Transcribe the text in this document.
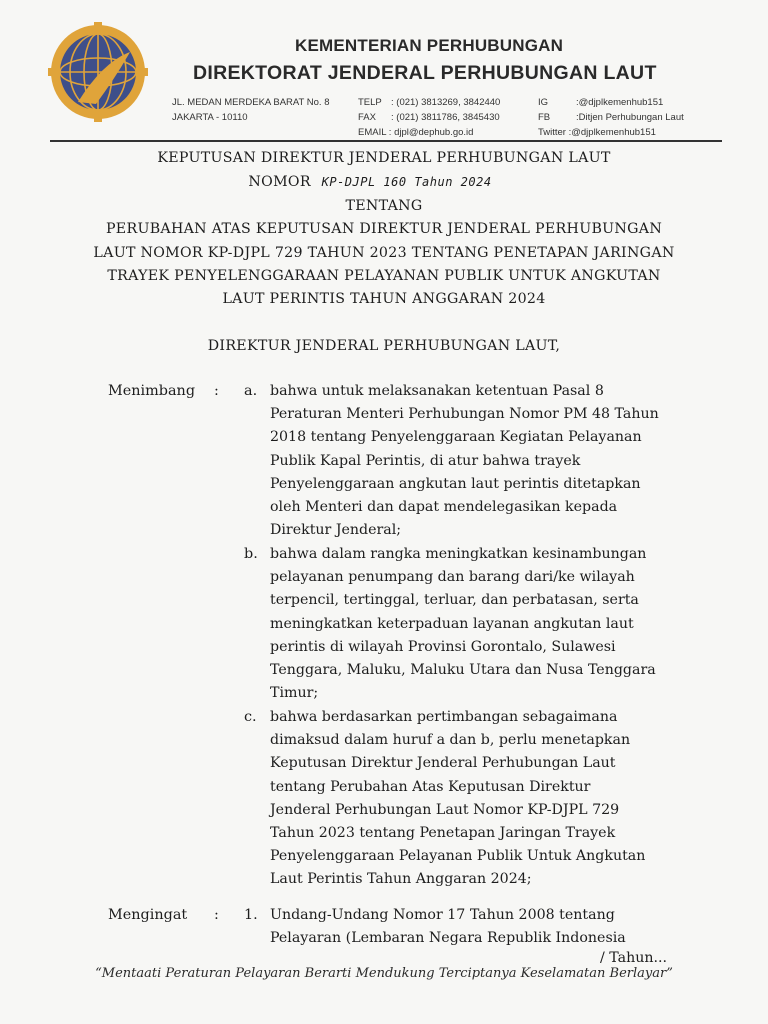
KEMENTERIAN PERHUBUNGAN
DIREKTORAT JENDERAL PERHUBUNGAN LAUT
JL. MEDAN MERDEKA BARAT No. 8
JAKARTA - 10110
TELP
FAX
: (021) 3813269, 3842440
: (021) 3811786, 3845430
EMAIL : djpl@dephub.go.id
IG
FB
:@djplkemenhub151
:Ditjen Perhubungan Laut
Twitter :@djplkemenhub151
KEPUTUSAN DIREKTUR JENDERAL PERHUBUNGAN LAUT
NOMOR KP-DJPL 160 Tahun 2024
TENTANG
PERUBAHAN ATAS KEPUTUSAN DIREKTUR JENDERAL PERHUBUNGAN
LAUT NOMOR KP-DJPL 729 TAHUN 2023 TENTANG PENETAPAN JARINGAN
TRAYEK PENYELENGGARAAN PELAYANAN PUBLIK UNTUK ANGKUTAN
LAUT PERINTIS TAHUN ANGGARAN 2024
DIREKTUR JENDERAL PERHUBUNGAN LAUT,
Menimbang : a. bahwa untuk melaksanakan ketentuan Pasal 8

Peraturan Menteri Perhubungan Nomor PM 48 Tahun

2018 tentang Penyelenggaraan Kegiatan Pelayanan

Publik Kapal Perintis, di atur bahwa trayek

Penyelenggaraan angkutan laut perintis ditetapkan

oleh Menteri dan dapat mendelegasikan kepada

Direktur Jenderal;

b. bahwa dalam rangka meningkatkan kesinambungan

pelayanan penumpang dan barang dari/ke wilayah

terpencil, tertinggal, terluar, dan perbatasan, serta

meningkatkan keterpaduan layanan angkutan laut

perintis di wilayah Provinsi Gorontalo, Sulawesi

Tenggara, Maluku, Maluku Utara dan Nusa Tenggara

Timur;

c. bahwa berdasarkan pertimbangan sebagaimana

dimaksud dalam huruf a dan b, perlu menetapkan

Keputusan Direktur Jenderal Perhubungan Laut

tentang Perubahan Atas Keputusan Direktur

Jenderal Perhubungan Laut Nomor KP-DJPL 729

Tahun 2023 tentang Penetapan Jaringan Trayek

Penyelenggaraan Pelayanan Publik Untuk Angkutan

Laut Perintis Tahun Anggaran 2024;

Mengingat : 1. Undang-Undang Nomor 17 Tahun 2008 tentang

Pelayaran (Lembaran Negara Republik Indonesia

/ Tahun...
“Mentaati Peraturan Pelayaran Berarti Mendukung Terciptanya Keselamatan Berlayar”
